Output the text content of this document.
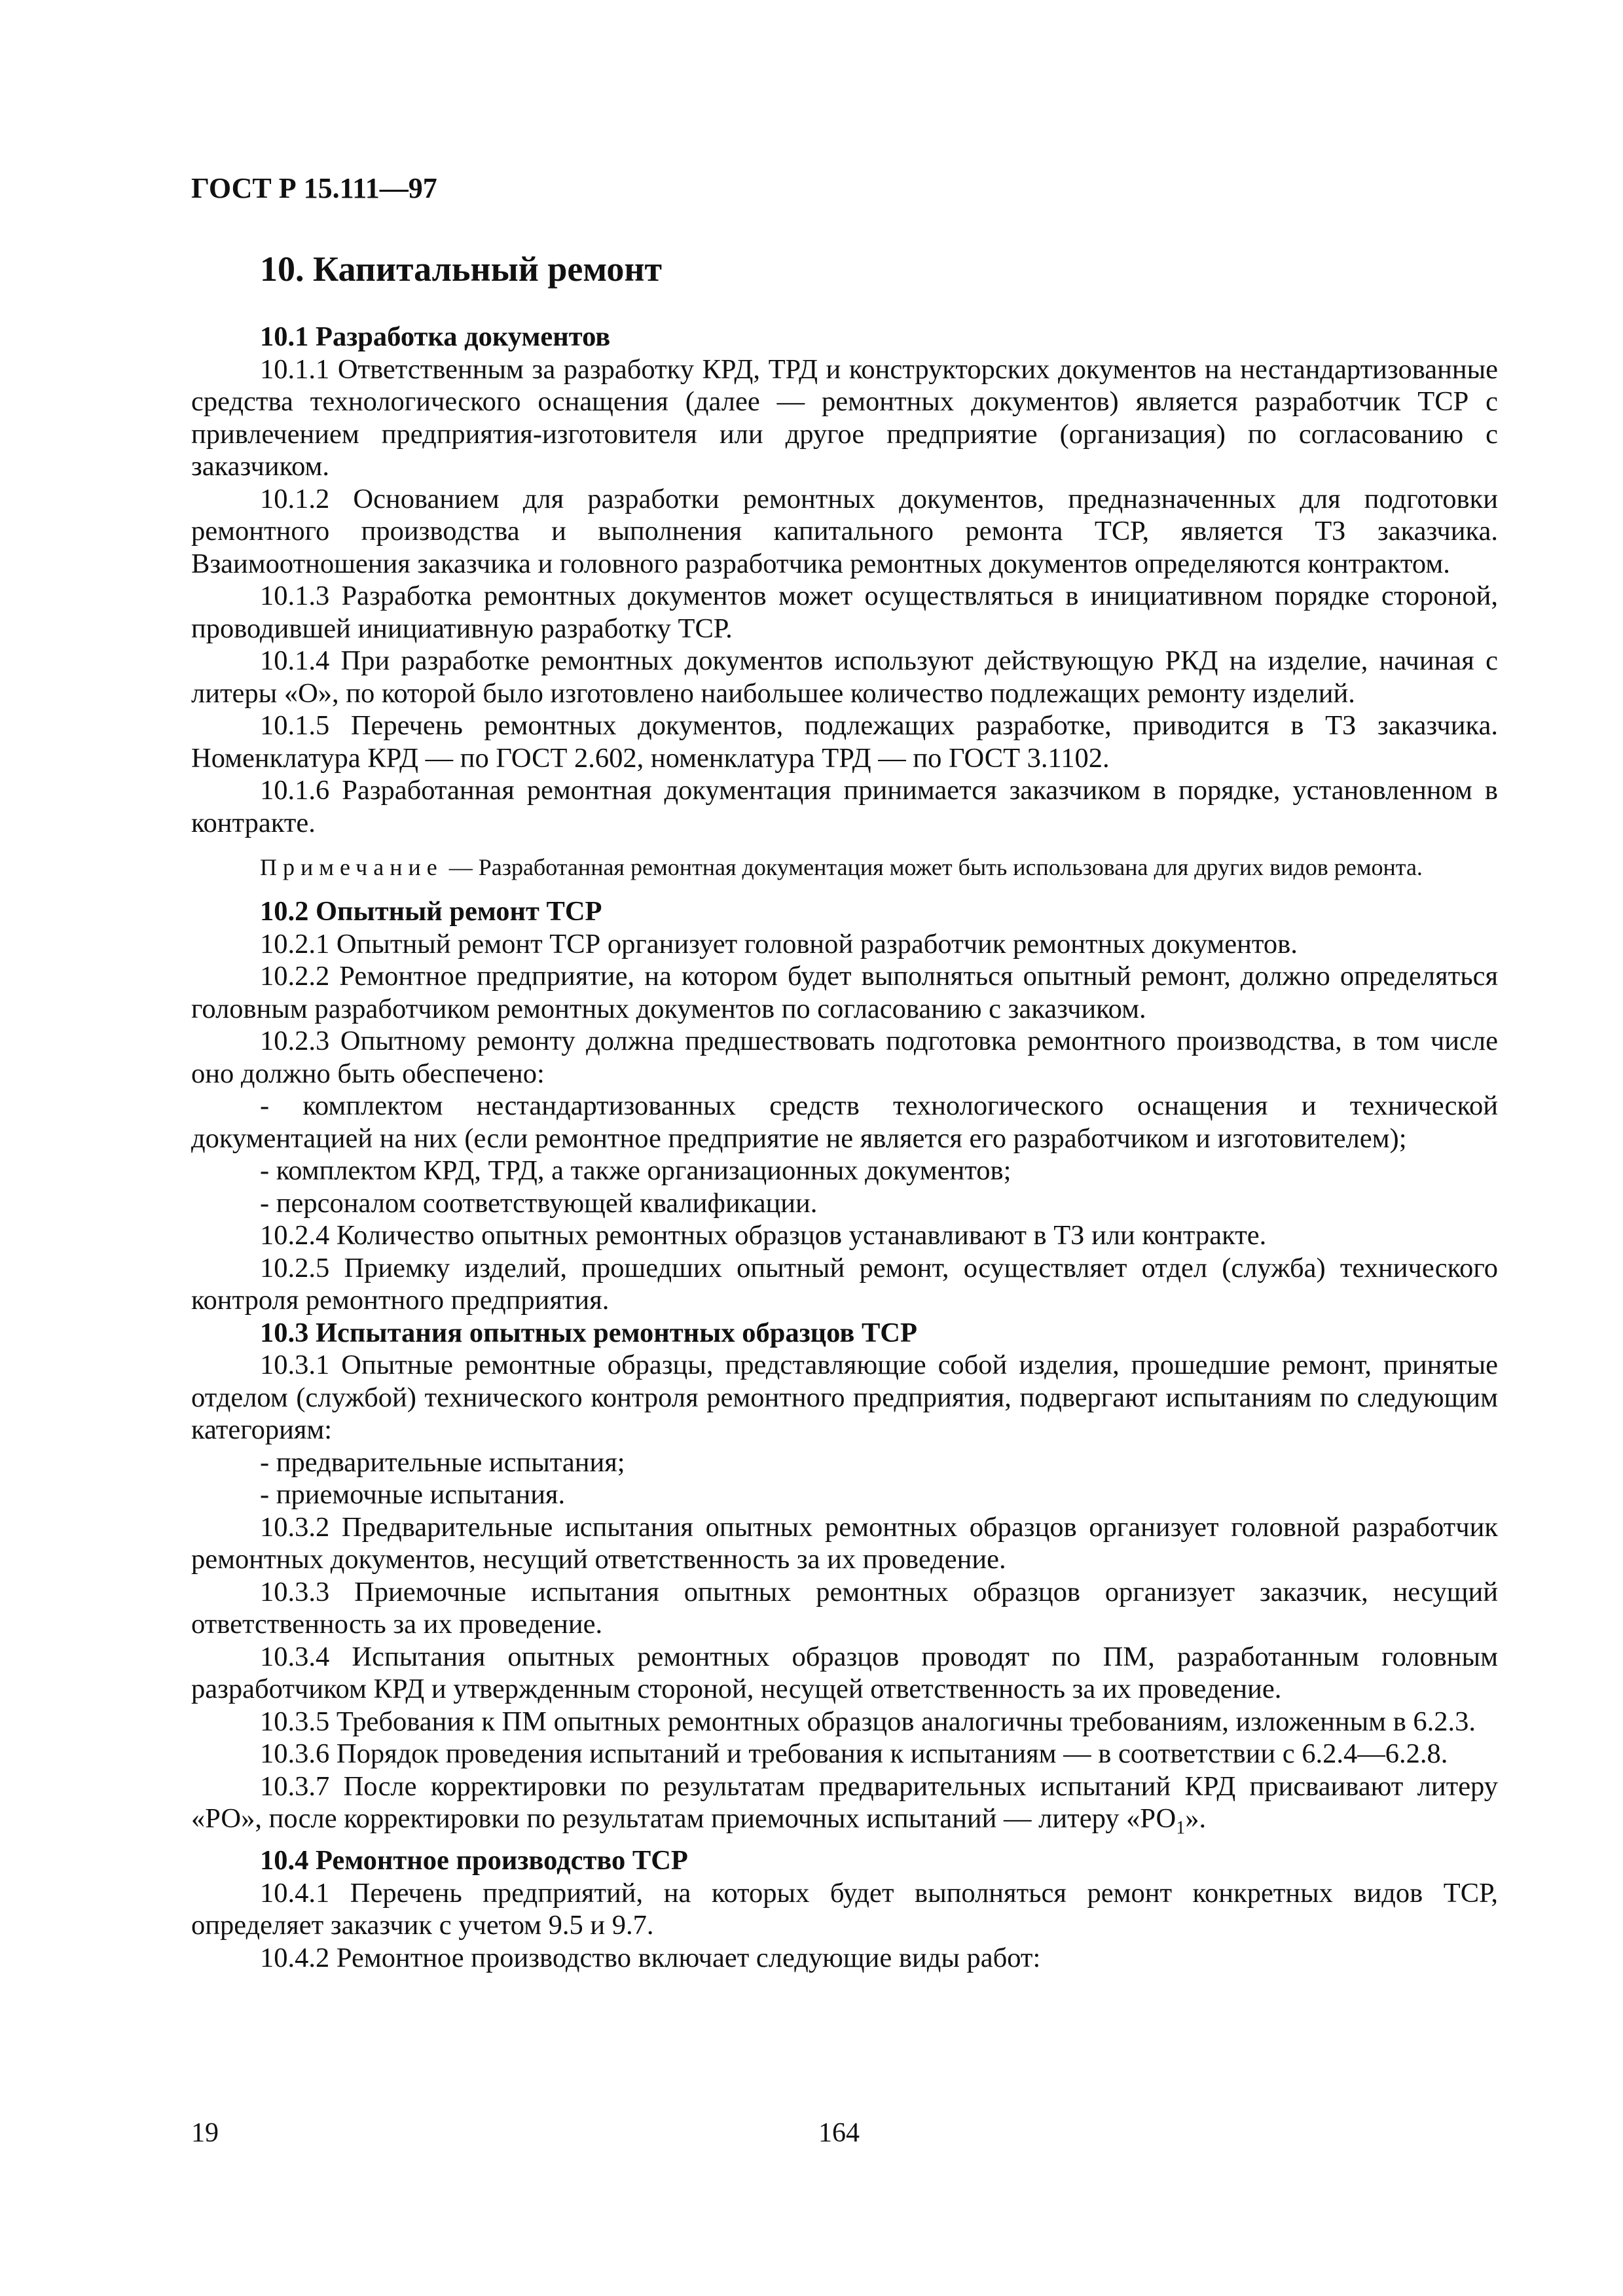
ГОСТ Р 15.111—97
10. Капитальный ремонт
10.1 Разработка документов

10.1.1 Ответственным за разработку КРД, ТРД и конструкторских документов на нестандартизованные средства технологического оснащения (далее — ремонтных документов) является разработчик ТСР с привлечением предприятия-изготовителя или другое предприятие (организация) по согласованию с заказчиком.

10.1.2 Основанием для разработки ремонтных документов, предназначенных для подготовки ремонтного производства и выполнения капитального ремонта ТСР, является ТЗ заказчика. Взаимоотношения заказчика и головного разработчика ремонтных документов определяются контрактом.

10.1.3 Разработка ремонтных документов может осуществляться в инициативном порядке стороной, проводившей инициативную разработку ТСР.

10.1.4 При разработке ремонтных документов используют действующую РКД на изделие, начиная с литеры «О», по которой было изготовлено наибольшее количество подлежащих ремонту изделий.

10.1.5 Перечень ремонтных документов, подлежащих разработке, приводится в ТЗ заказчика. Номенклатура КРД — по ГОСТ 2.602, номенклатура ТРД — по ГОСТ 3.1102.

10.1.6 Разработанная ремонтная документация принимается заказчиком в порядке, установленном в контракте.

Примечание — Разработанная ремонтная документация может быть использована для других видов ремонта.

10.2 Опытный ремонт ТСР

10.2.1 Опытный ремонт ТСР организует головной разработчик ремонтных документов.

10.2.2 Ремонтное предприятие, на котором будет выполняться опытный ремонт, должно определяться головным разработчиком ремонтных документов по согласованию с заказчиком.

10.2.3 Опытному ремонту должна предшествовать подготовка ремонтного производства, в том числе оно должно быть обеспечено:

- комплектом нестандартизованных средств технологического оснащения и технической документацией на них (если ремонтное предприятие не является его разработчиком и изготовителем);

- комплектом КРД, ТРД, а также организационных документов;

- персоналом соответствующей квалификации.

10.2.4 Количество опытных ремонтных образцов устанавливают в ТЗ или контракте.

10.2.5 Приемку изделий, прошедших опытный ремонт, осуществляет отдел (служба) технического контроля ремонтного предприятия.

10.3 Испытания опытных ремонтных образцов ТСР

10.3.1 Опытные ремонтные образцы, представляющие собой изделия, прошедшие ремонт, принятые отделом (службой) технического контроля ремонтного предприятия, подвергают испытаниям по следующим категориям:

- предварительные испытания;

- приемочные испытания.

10.3.2 Предварительные испытания опытных ремонтных образцов организует головной разработчик ремонтных документов, несущий ответственность за их проведение.

10.3.3 Приемочные испытания опытных ремонтных образцов организует заказчик, несущий ответственность за их проведение.

10.3.4 Испытания опытных ремонтных образцов проводят по ПМ, разработанным головным разработчиком КРД и утвержденным стороной, несущей ответственность за их проведение.

10.3.5 Требования к ПМ опытных ремонтных образцов аналогичны требованиям, изложенным в 6.2.3.

10.3.6 Порядок проведения испытаний и требования к испытаниям — в соответствии с 6.2.4—6.2.8.

10.3.7 После корректировки по результатам предварительных испытаний КРД присваивают литеру «РО», после корректировки по результатам приемочных испытаний — литеру «$РО_1$».

10.4 Ремонтное производство ТСР

10.4.1 Перечень предприятий, на которых будет выполняться ремонт конкретных видов ТСР, определяет заказчик с учетом 9.5 и 9.7.

10.4.2 Ремонтное производство включает следующие виды работ:

19	164
